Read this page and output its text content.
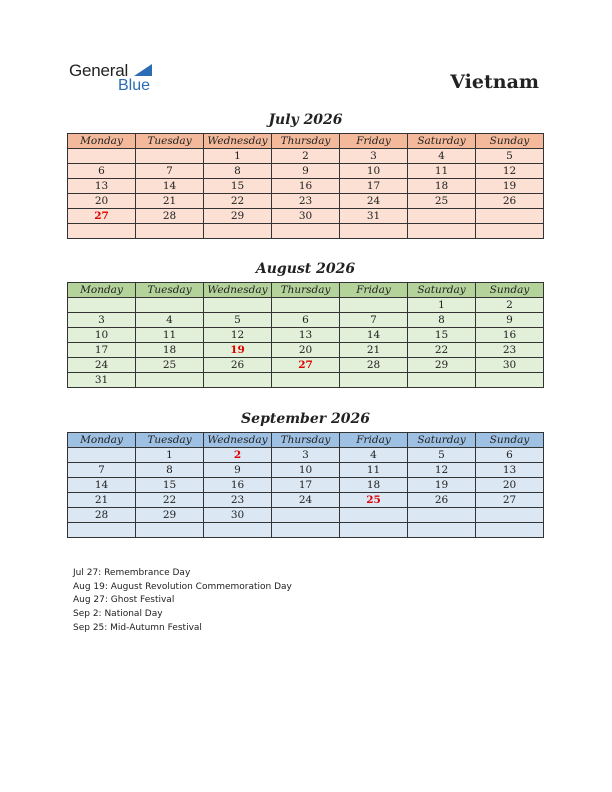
General
Blue	Vietnam
July 2026
Monday	Tuesday	Wednesday	Thursday	Friday	Saturday	Sunday
		1	2	3	4	5
6	7	8	9	10	11	12
13	14	15	16	17	18	19
20	21	22	23	24	25	26
27	28	29	30	31		

August 2026
Monday	Tuesday	Wednesday	Thursday	Friday	Saturday	Sunday
					1	2
3	4	5	6	7	8	9
10	11	12	13	14	15	16
17	18	19	20	21	22	23
24	25	26	27	28	29	30
31						
September 2026
Monday	Tuesday	Wednesday	Thursday	Friday	Saturday	Sunday
	1	2	3	4	5	6
7	8	9	10	11	12	13
14	15	16	17	18	19	20
21	22	23	24	25	26	27
28	29	30				

Jul 27: Remembrance Day
Aug 19: August Revolution Commemoration Day
Aug 27: Ghost Festival
Sep 2: National Day
Sep 25: Mid-Autumn Festival
